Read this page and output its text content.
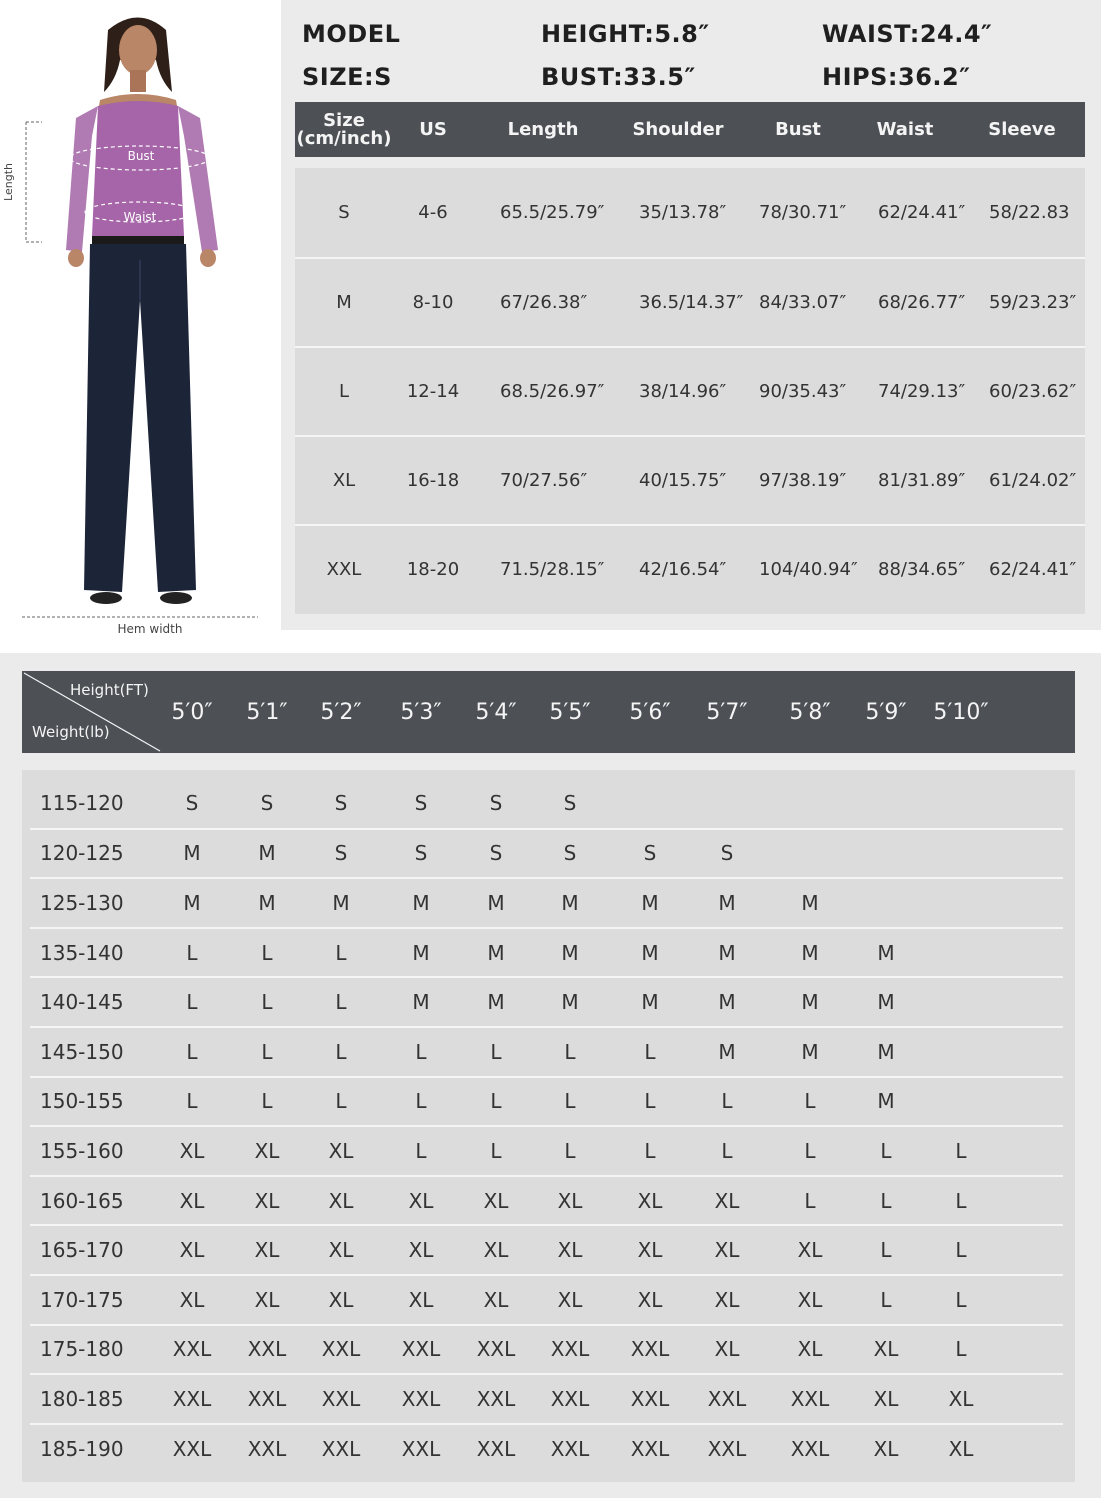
Length
Bust
Waist
Hem width
MODEL
SIZE:S
HEIGHT:5.8″
BUST:33.5″
WAIST:24.4″
HIPS:36.2″
Size
(cm/inch)	US	Length	Shoulder	Bust	Waist	Sleeve
S	4-6	65.5/25.79″ 35/13.78″ 78/30.71″ 62/24.41″ 58/22.83
M	8-10	67/26.38″	36.5/14.37″ 84/33.07″ 68/26.77″ 59/23.23″
L	12-14	68.5/26.97″ 38/14.96″ 90/35.43″ 74/29.13″ 60/23.62″
XL	16-18	70/27.56″	40/15.75″ 97/38.19″ 81/31.89″ 61/24.02″
XXL	18-20	71.5/28.15″ 42/16.54″ 104/40.94″ 88/34.65″ 62/24.41″
Height(FT)
Weight(lb)
5′0″	5′1″	5′2″	5′3″	5′4″	5′5″	5′6″	5′7″	5′8″	5′9″	5′10″
115-120	S	S	S	S	S	S
120-125	M	M	S	S	S	S	S	S
125-130	M	M	M	M	M	M	M	M	M
135-140	L	L	L	M	M	M	M	M	M	M
140-145	L	L	L	M	M	M	M	M	M	M
145-150	L	L	L	L	L	L	L	M	M	M
150-155	L	L	L	L	L	L	L	L	L	M
155-160	XL	XL	XL	L	L	L	L	L	L	L	L
160-165	XL	XL	XL	XL	XL	XL	XL	XL	L	L	L
165-170	XL	XL	XL	XL	XL	XL	XL	XL	XL	L	L
170-175	XL	XL	XL	XL	XL	XL	XL	XL	XL	L	L
175-180	XXL	XXL	XXL	XXL	XXL	XXL	XXL	XL	XL	XL	L
180-185	XXL	XXL	XXL	XXL	XXL	XXL	XXL	XXL	XXL	XL	XL
185-190	XXL	XXL	XXL	XXL	XXL	XXL	XXL	XXL	XXL	XL	XL
